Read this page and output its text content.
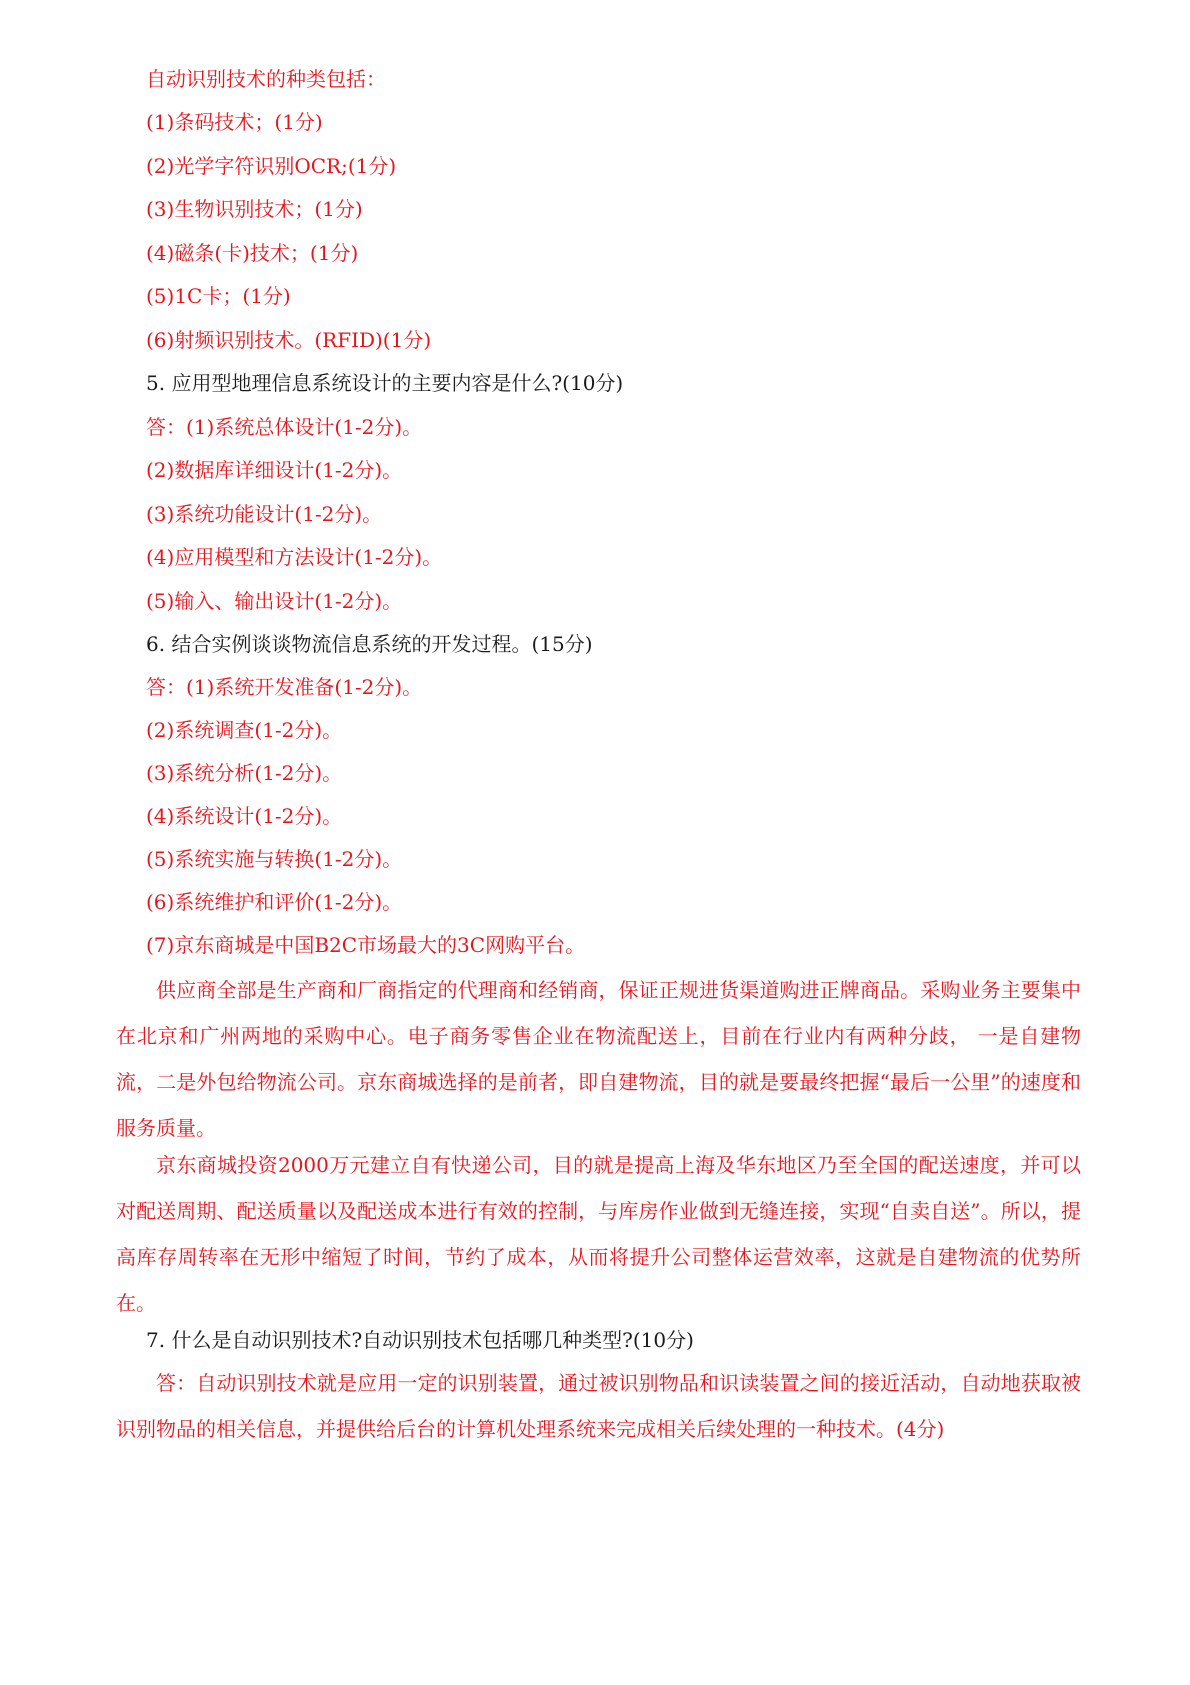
自动识别技术的种类包括：
(1)条码技术；(1分)
(2)光学字符识别OCR;(1分)
(3)生物识别技术；(1分)
(4)磁条(卡)技术；(1分)
(5)1C卡；(1分)
(6)射频识别技术。(RFID)(1分)
5. 应用型地理信息系统设计的主要内容是什么?(10分)
答：(1)系统总体设计(1-2分)。
(2)数据库详细设计(1-2分)。
(3)系统功能设计(1-2分)。
(4)应用模型和方法设计(1-2分)。
(5)输入、输出设计(1-2分)。
6. 结合实例谈谈物流信息系统的开发过程。(15分)
答：(1)系统开发准备(1-2分)。
(2)系统调查(1-2分)。
(3)系统分析(1-2分)。
(4)系统设计(1-2分)。
(5)系统实施与转换(1-2分)。
(6)系统维护和评价(1-2分)。
(7)京东商城是中国B2C市场最大的3C网购平台。
供应商全部是生产商和厂商指定的代理商和经销商，保证正规进货渠道购进正牌商品。采购业务主要集中在北京和广州两地的采购中心。电子商务零售企业在物流配送上，目前在行业内有两种分歧， 一是自建物流，二是外包给物流公司。京东商城选择的是前者，即自建物流，目的就是要最终把握“最后一公里”的速度和服务质量。
京东商城投资2000万元建立自有快递公司，目的就是提高上海及华东地区乃至全国的配送速度，并可以对配送周期、配送质量以及配送成本进行有效的控制，与库房作业做到无缝连接，实现“自卖自送”。所以，提高库存周转率在无形中缩短了时间，节约了成本，从而将提升公司整体运营效率，这就是自建物流的优势所在。
7. 什么是自动识别技术?自动识别技术包括哪几种类型?(10分)
答：自动识别技术就是应用一定的识别装置，通过被识别物品和识读装置之间的接近活动，自动地获取被识别物品的相关信息，并提供给后台的计算机处理系统来完成相关后续处理的一种技术。(4分)
